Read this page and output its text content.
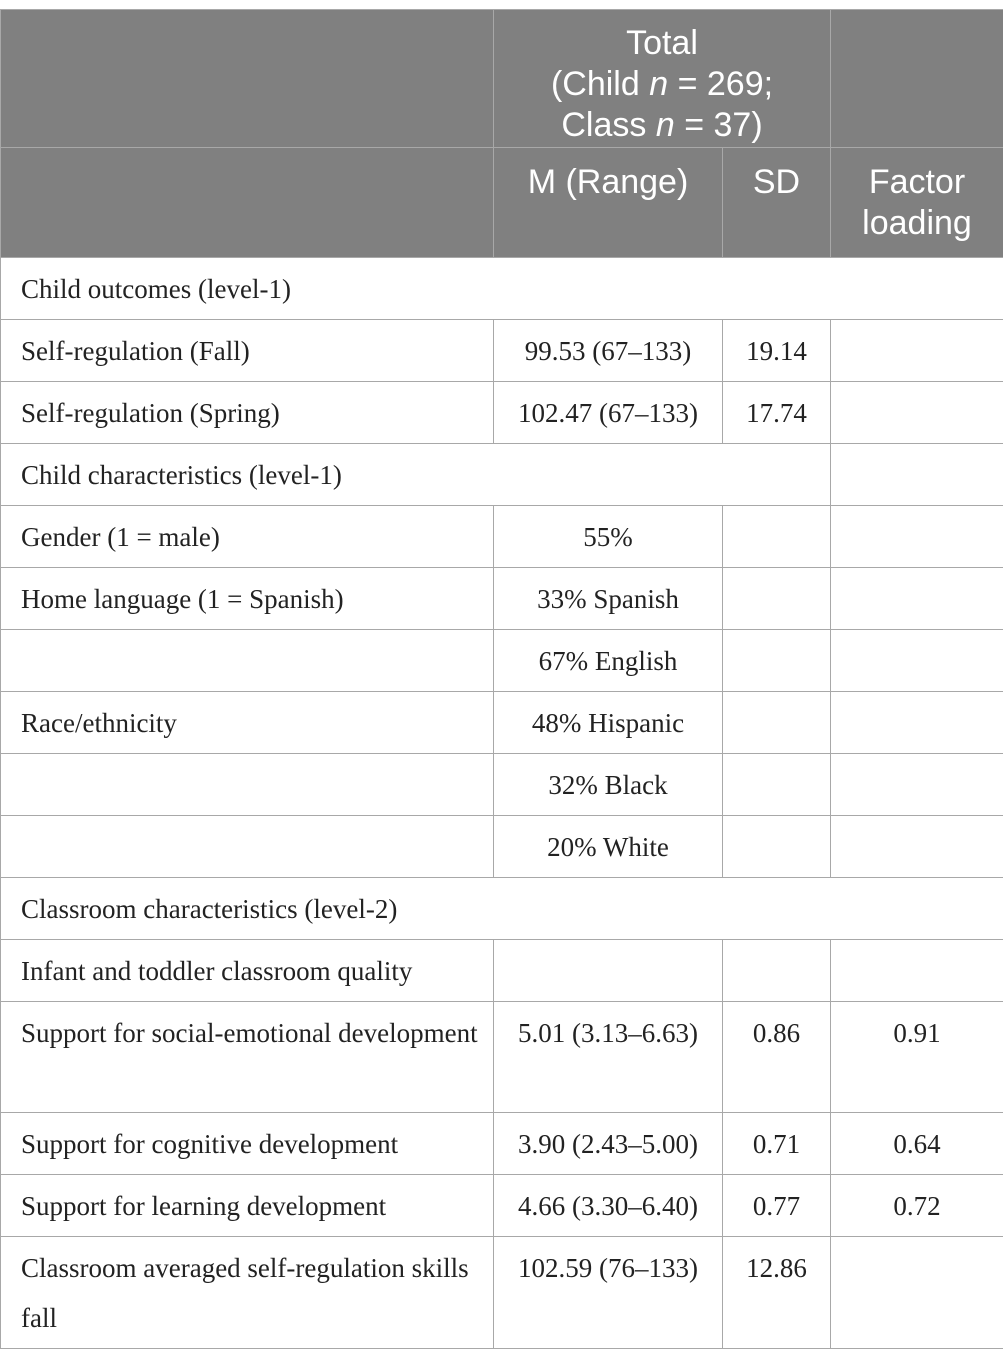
	Total
(Child n = 269;
Class n = 37)		

	M (Range)	SD	Factor loading
Child outcomes (level-1)			
Self-regulation (Fall)	99.53 (67–133)	19.14	
Self-regulation (Spring)	102.47 (67–133)	17.74	
Child characteristics (level-1)			
Gender (1 = male)	55%		
Home language (1 = Spanish)	33% Spanish		
	67% English		
Race/ethnicity	48% Hispanic		
	32% Black		
	20% White		
Classroom characteristics (level-2)			
Infant and toddler classroom quality			
Support for social-emotional development	5.01 (3.13–6.63)	0.86	0.91
Support for cognitive development	3.90 (2.43–5.00)	0.71	0.64
Support for learning development	4.66 (3.30–6.40)	0.77	0.72
Classroom averaged self-regulation skills fall	102.59 (76–133)	12.86	
